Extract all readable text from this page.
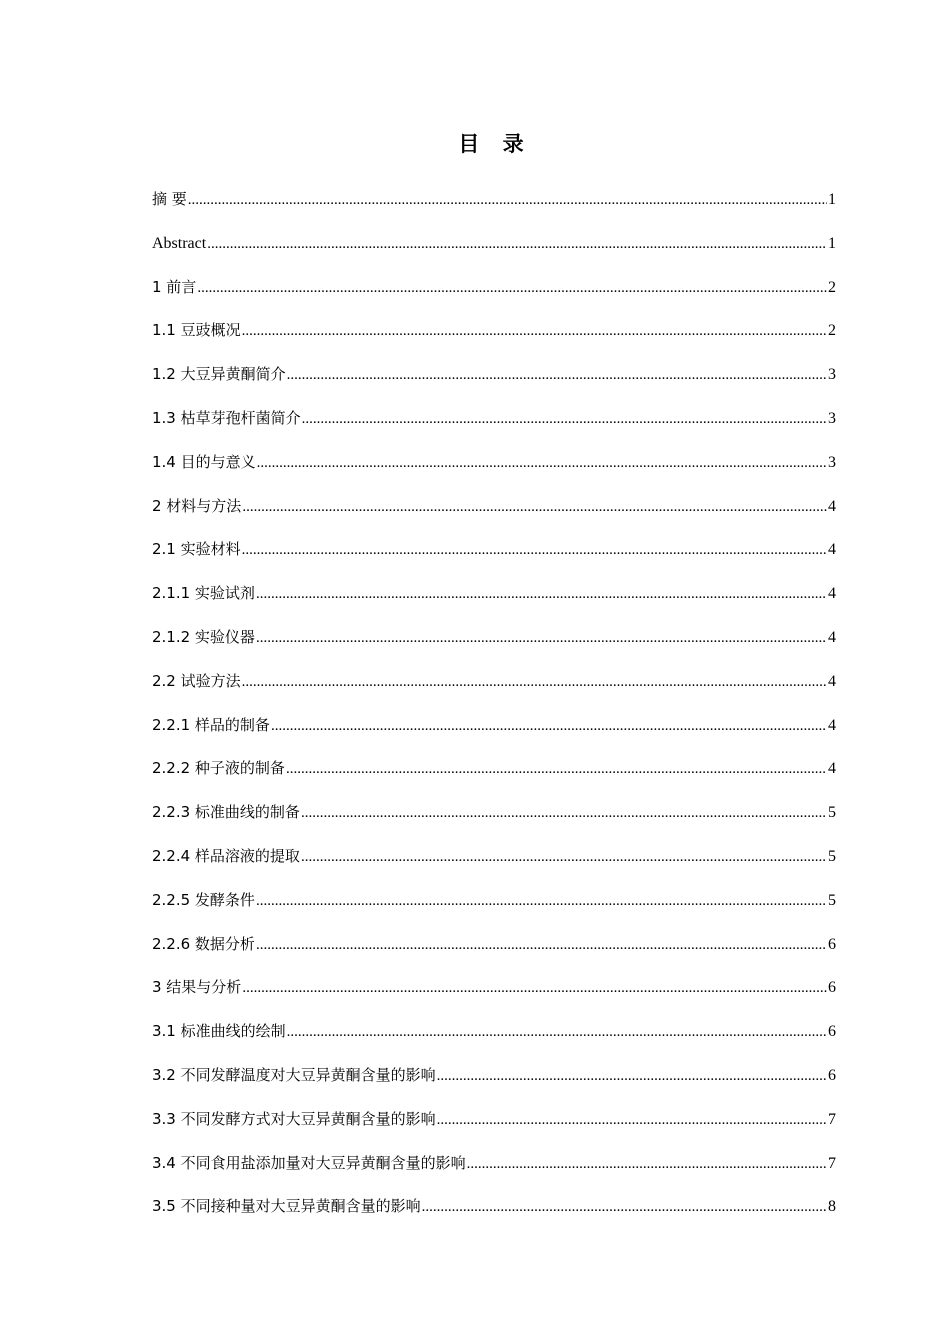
目 录
摘 要 .....	1
Abstract .....	1
1 前言 .....	2
1.1 豆豉概况 .....	2
1.2 大豆异黄酮简介 .....	3
1.3 枯草芽孢杆菌简介 .....	3
1.4 目的与意义 .....	3
2 材料与方法 .....	4
2.1 实验材料 .....	4
2.1.1 实验试剂 .....	4
2.1.2 实验仪器 .....	4
2.2 试验方法 .....	4
2.2.1 样品的制备 .....	4
2.2.2 种子液的制备 .....	4
2.2.3 标准曲线的制备 .....	5
2.2.4 样品溶液的提取 .....	5
2.2.5 发酵条件 .....	5
2.2.6 数据分析 .....	6
3 结果与分析 .....	6
3.1 标准曲线的绘制 .....	6
3.2 不同发酵温度对大豆异黄酮含量的影响 .....	6
3.3 不同发酵方式对大豆异黄酮含量的影响 .....	7
3.4 不同食用盐添加量对大豆异黄酮含量的影响 .....	7
3.5 不同接种量对大豆异黄酮含量的影响 .....	8
